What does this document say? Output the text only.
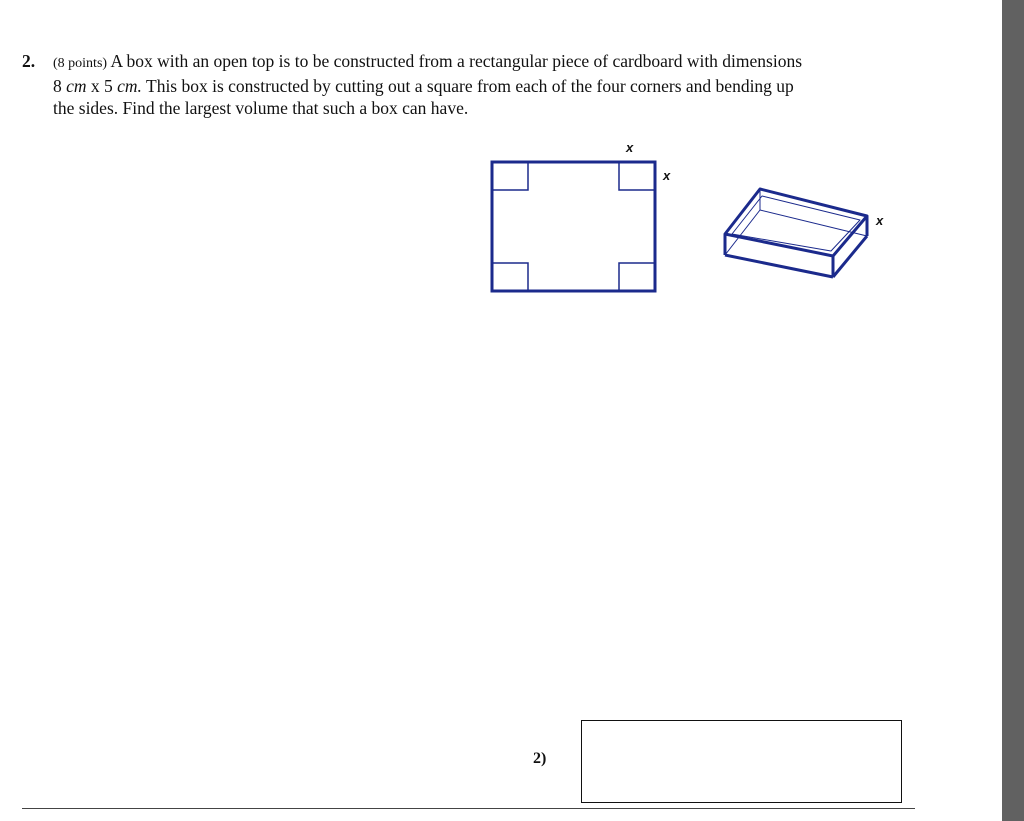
2. (8 points) A box with an open top is to be constructed from a rectangular piece of cardboard with dimensions
8 cm x 5 cm. This box is constructed by cutting out a square from each of the four corners and bending up
the sides. Find the largest volume that such a box can have.
x
x
x
2)
